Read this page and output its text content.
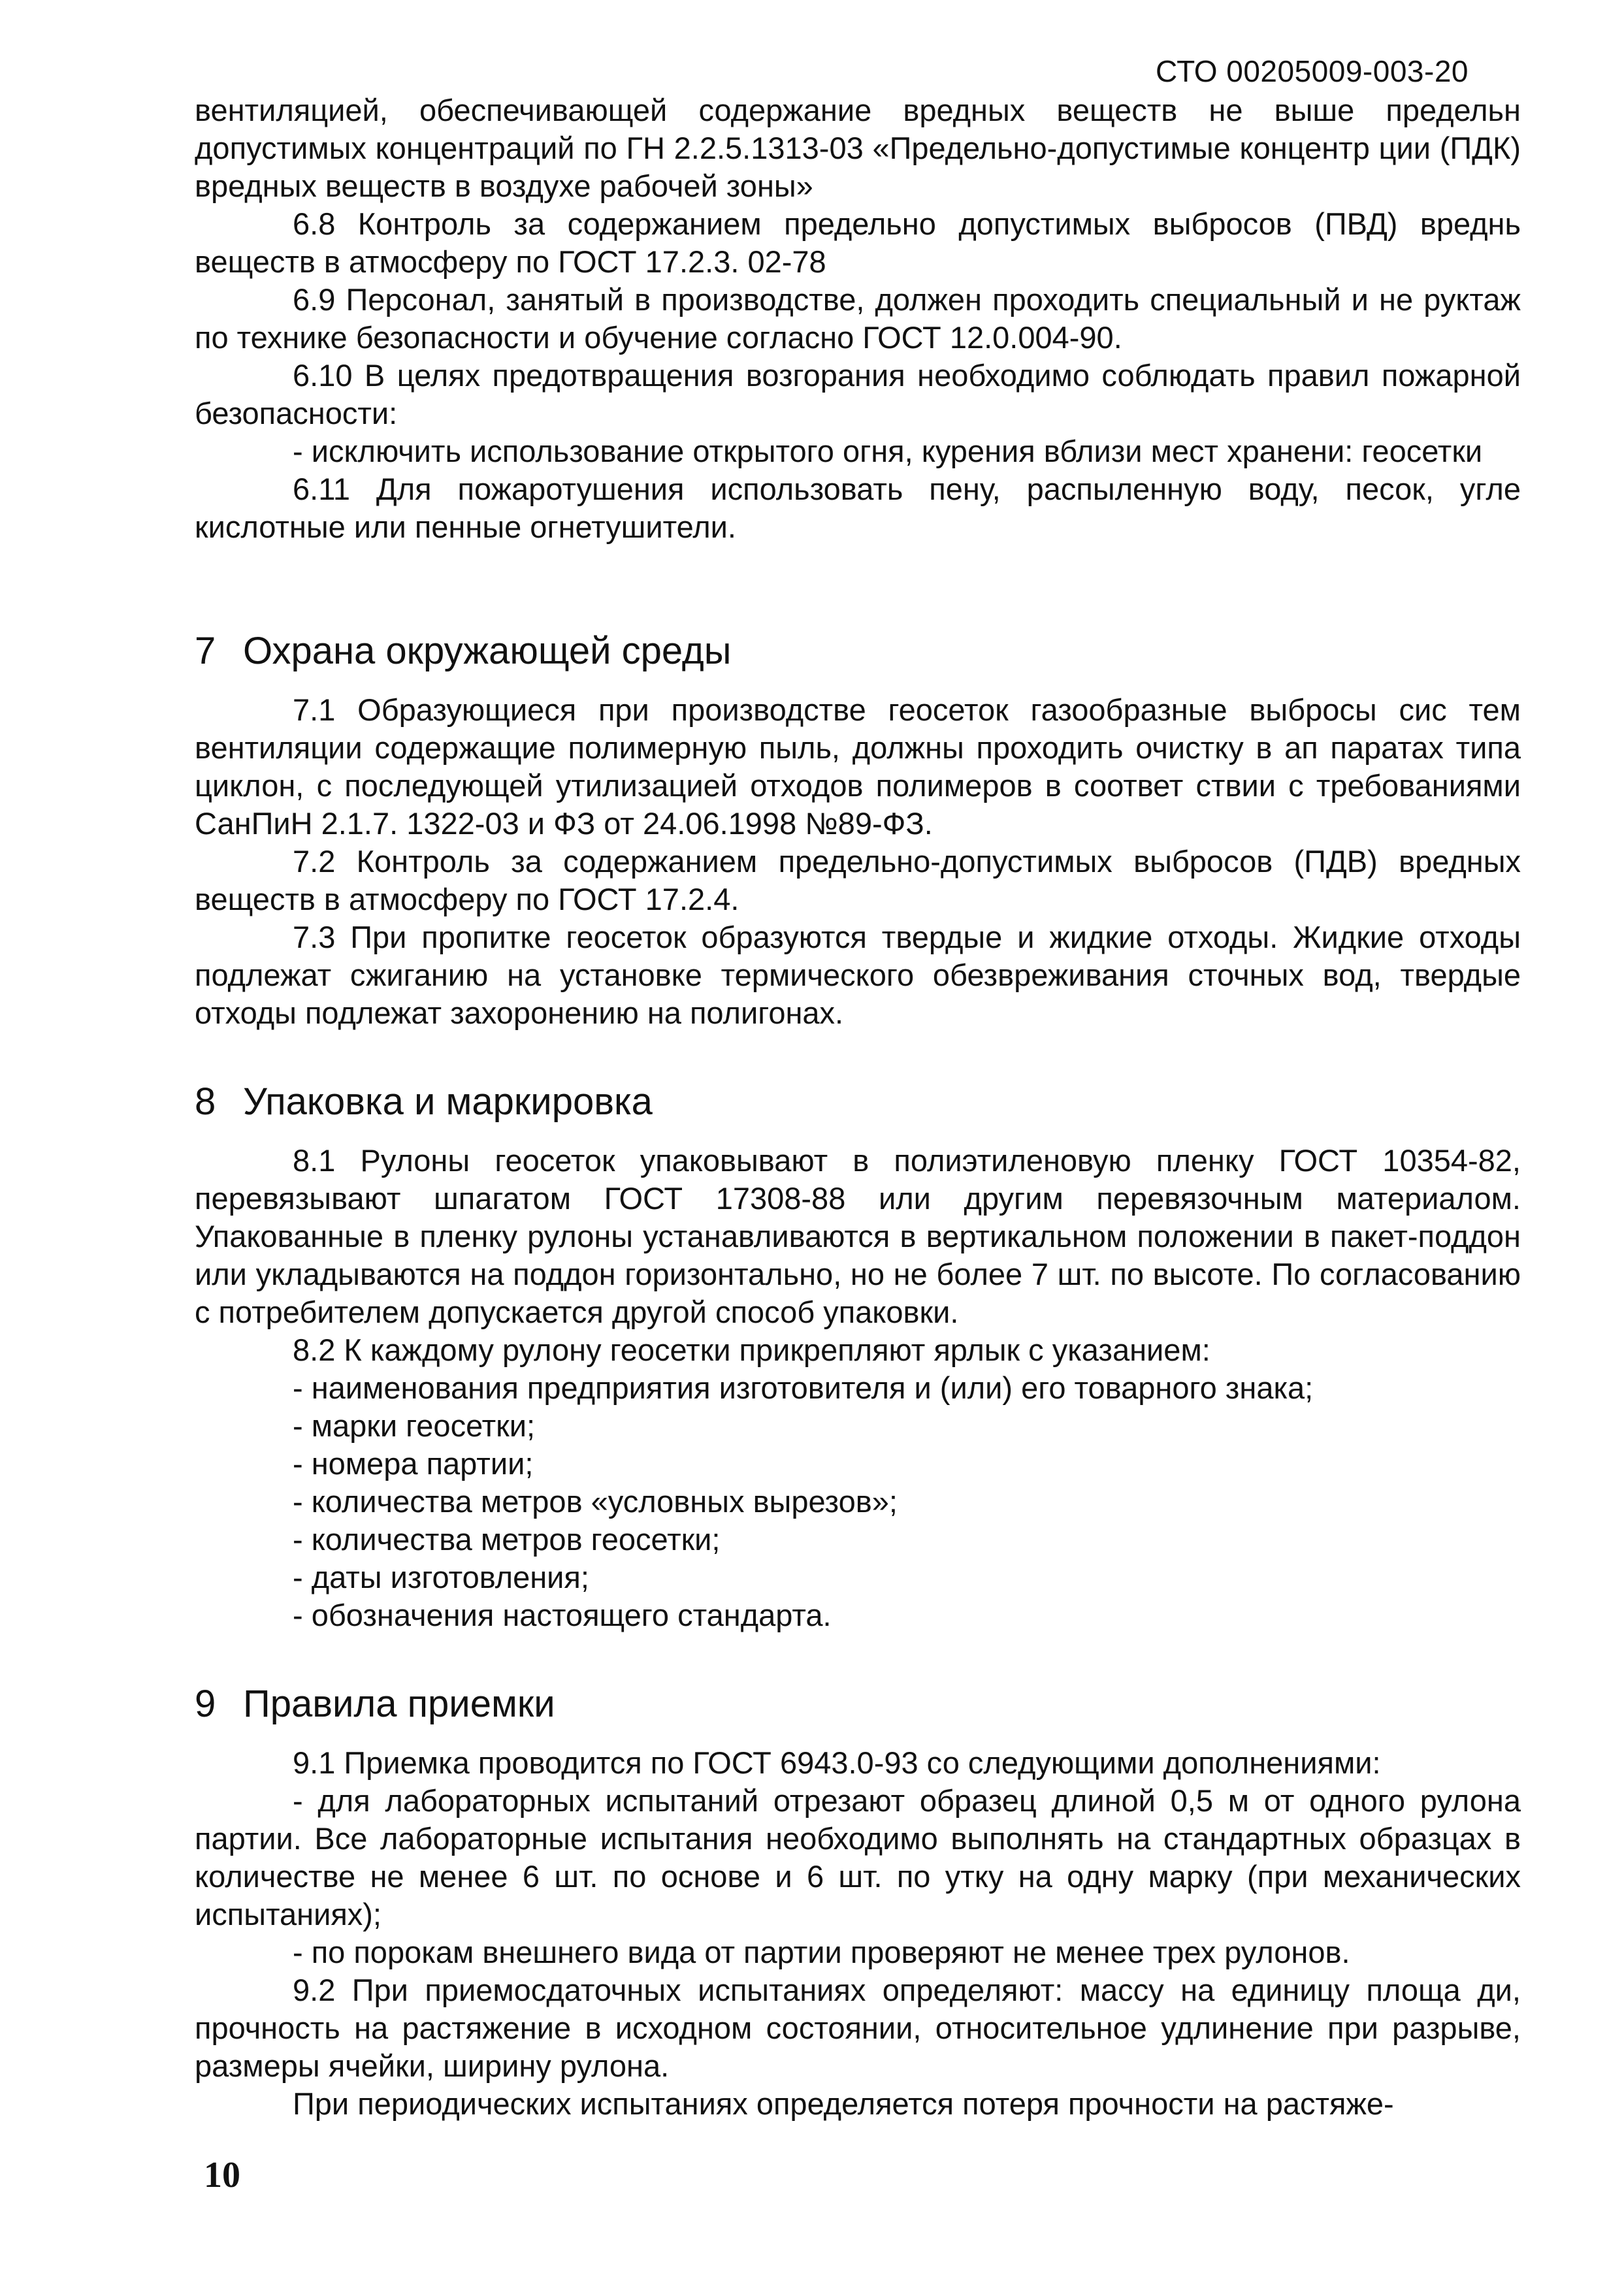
СТО 00205009-003-20

вентиляцией, обеспечивающей содержание вредных веществ не выше предельн допустимых концентраций по ГН 2.2.5.1313-03 «Предельно-допустимые концентр ции (ПДК) вредных веществ в воздухе рабочей зоны»

6.8 Контроль за содержанием предельно допустимых выбросов (ПВД) вреднь веществ в атмосферу по ГОСТ 17.2.3. 02-78

6.9 Персонал, занятый в производстве, должен проходить специальный и не руктаж по технике безопасности и обучение согласно ГОСТ 12.0.004-90.

6.10 В целях предотвращения возгорания необходимо соблюдать правил пожарной безопасности:

- исключить использование открытого огня, курения вблизи мест хранени: геосетки

6.11 Для пожаротушения использовать пену, распыленную воду, песок, угле кислотные или пенные огнетушители.

7 Охрана окружающей среды

7.1 Образующиеся при производстве геосеток газообразные выбросы сис тем вентиляции содержащие полимерную пыль, должны проходить очистку в ап паратах типа циклон, с последующей утилизацией отходов полимеров в соответ ствии с требованиями СанПиН 2.1.7. 1322-03 и ФЗ от 24.06.1998 №89-ФЗ.

7.2 Контроль за содержанием предельно-допустимых выбросов (ПДВ) вредных веществ в атмосферу по ГОСТ 17.2.4.

7.3 При пропитке геосеток образуются твердые и жидкие отходы. Жидкие отходы подлежат сжиганию на установке термического обезвреживания сточных вод, твердые отходы подлежат захоронению на полигонах.

8 Упаковка и маркировка

8.1 Рулоны геосеток упаковывают в полиэтиленовую пленку ГОСТ 10354-82, перевязывают шпагатом ГОСТ 17308-88 или другим перевязочным материалом. Упакованные в пленку рулоны устанавливаются в вертикальном положении в пакет-поддон или укладываются на поддон горизонтально, но не более 7 шт. по высоте. По согласованию с потребителем допускается другой способ упаковки.

8.2 К каждому рулону геосетки прикрепляют ярлык с указанием:

- наименования предприятия изготовителя и (или) его товарного знака;

- марки геосетки;

- номера партии;

- количества метров «условных вырезов»;

- количества метров геосетки;

- даты изготовления;

- обозначения настоящего стандарта.

9 Правила приемки

9.1 Приемка проводится по ГОСТ 6943.0-93 со следующими дополнениями:

- для лабораторных испытаний отрезают образец длиной 0,5 м от одного рулона партии. Все лабораторные испытания необходимо выполнять на стандартных образцах в количестве не менее 6 шт. по основе и 6 шт. по утку на одну марку (при механических испытаниях);

- по порокам внешнего вида от партии проверяют не менее трех рулонов.

9.2 При приемосдаточных испытаниях определяют: массу на единицу площа ди, прочность на растяжение в исходном состоянии, относительное удлинение при разрыве, размеры ячейки, ширину рулона.

При периодических испытаниях определяется потеря прочности на растяже-

10
